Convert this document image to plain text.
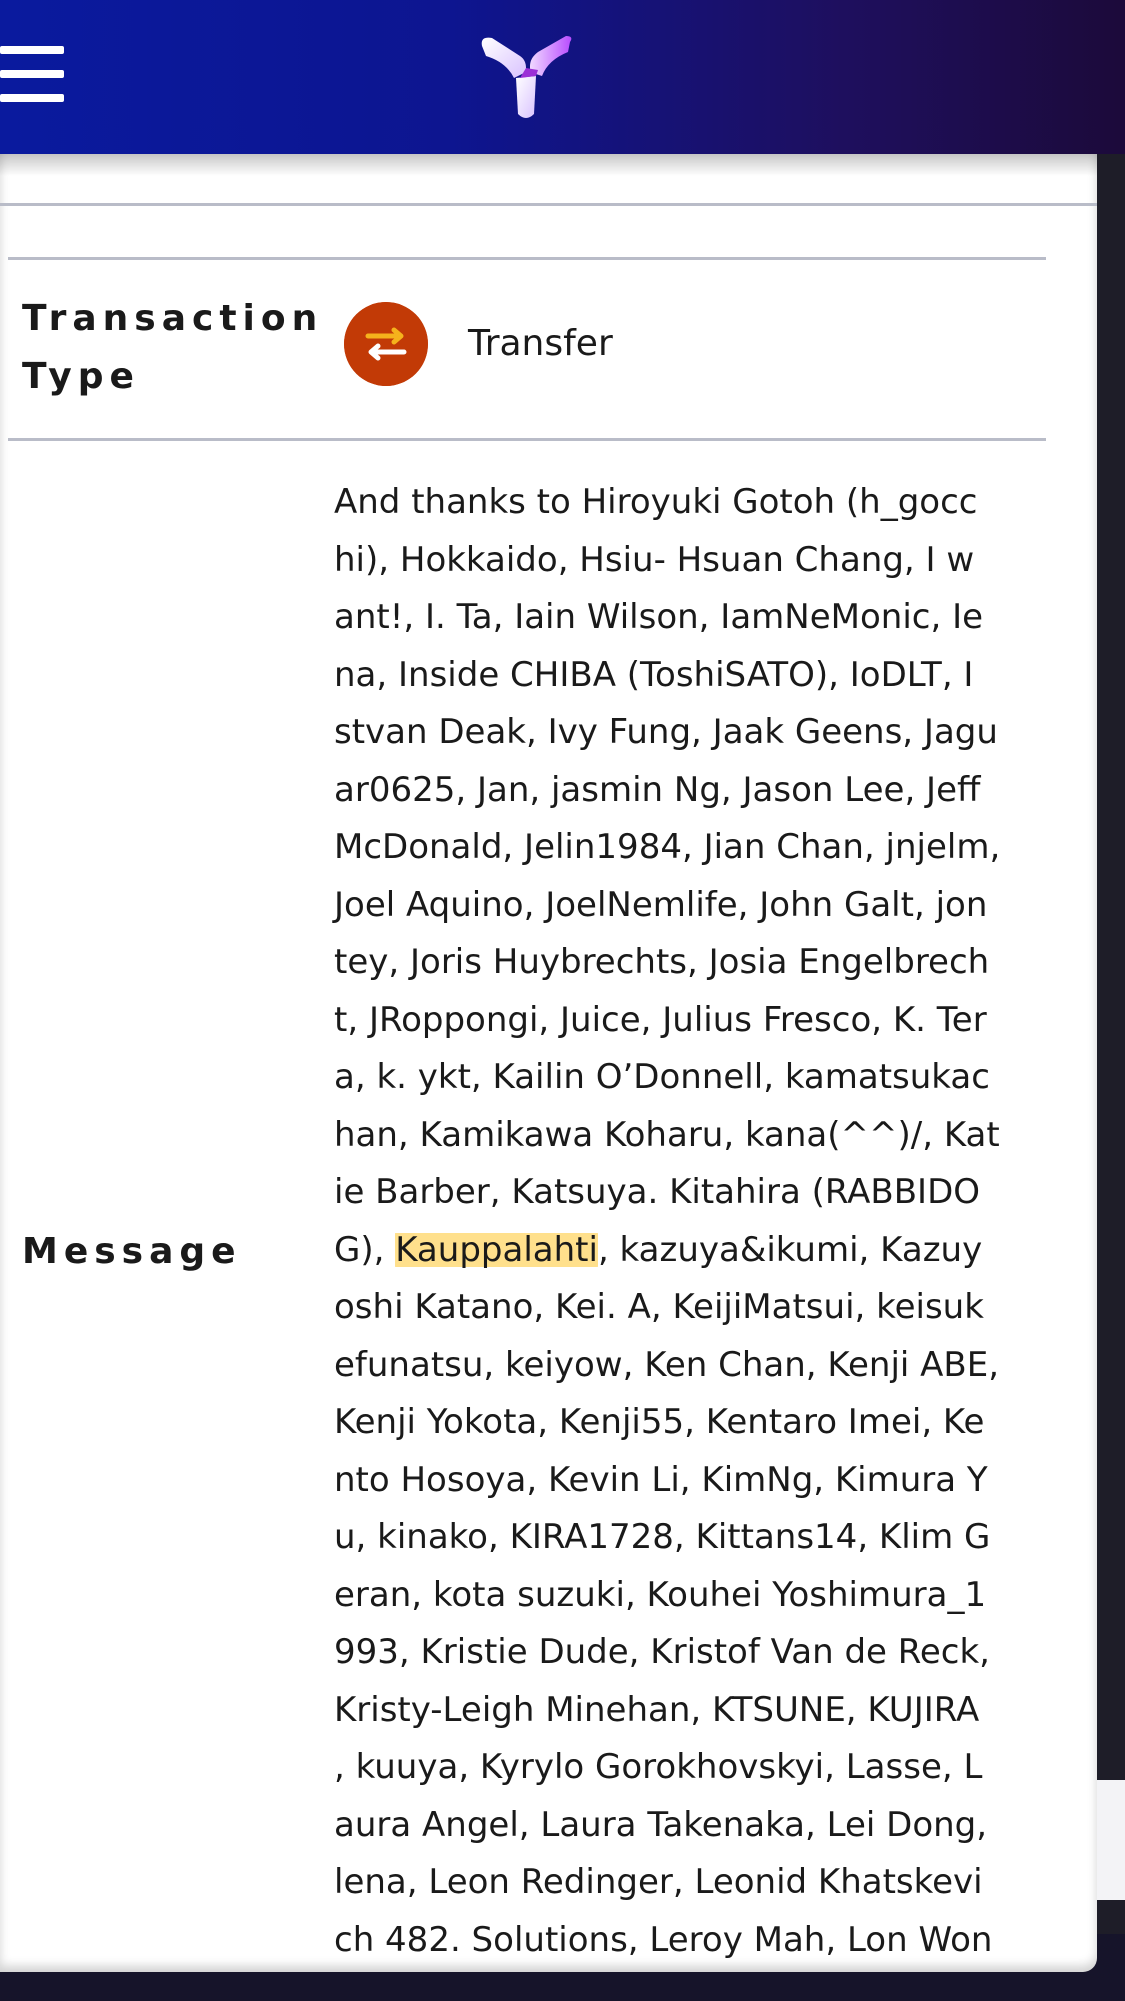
Transaction
Type
Transfer
Message
And thanks to Hiroyuki Gotoh (h_gocc
hi), Hokkaido, Hsiu- Hsuan Chang, I w
ant!, I. Ta, Iain Wilson, IamNeMonic, Ie
na, Inside CHIBA (ToshiSATO), IoDLT, I
stvan Deak, Ivy Fung, Jaak Geens, Jagu
ar0625, Jan, jasmin Ng, Jason Lee, Jeff
McDonald, Jelin1984, Jian Chan, jnjelm,
Joel Aquino, JoelNemlife, John Galt, jon
tey, Joris Huybrechts, Josia Engelbrech
t, JRoppongi, Juice, Julius Fresco, K. Ter
a, k. ykt, Kailin O’Donnell, kamatsukac
han, Kamikawa Koharu, kana(^^)/, Kat
ie Barber, Katsuya. Kitahira (RABBIDO
G), Kauppalahti, kazuya&ikumi, Kazuy
oshi Katano, Kei. A, KeijiMatsui, keisuk
efunatsu, keiyow, Ken Chan, Kenji ABE,
Kenji Yokota, Kenji55, Kentaro Imei, Ke
nto Hosoya, Kevin Li, KimNg, Kimura Y
u, kinako, KIRA1728, Kittans14, Klim G
eran, kota suzuki, Kouhei Yoshimura_1
993, Kristie Dude, Kristof Van de Reck,
Kristy-Leigh Minehan, KTSUNE, KUJIRA
, kuuya, Kyrylo Gorokhovskyi, Lasse, L
aura Angel, Laura Takenaka, Lei Dong,
lena, Leon Redinger, Leonid Khatskevi
ch 482. Solutions, Leroy Mah, Lon Won
